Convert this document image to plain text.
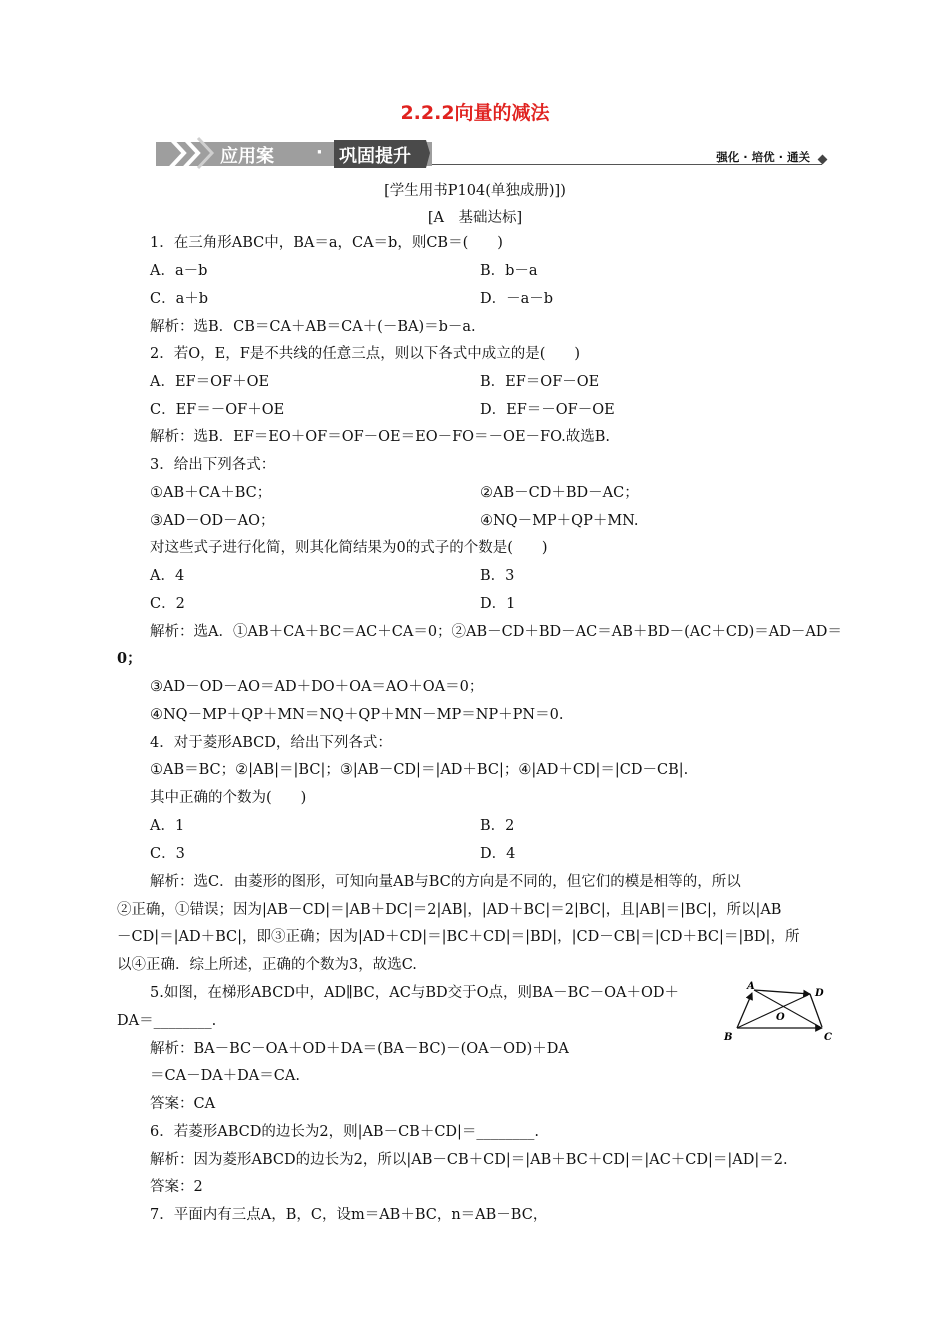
2.2.2向量的减法
应用案 · 巩固提升	强化 · 培优 · 通关
[学生用书P104(单独成册)])
[A　基础达标]
1．在三角形ABC中，BA＝a，CA＝b，则CB＝(　　)
A．a－b	B．b－a
C．a＋b	D．－a－b
解析：选B．CB＝CA＋AB＝CA＋(－BA)＝b－a.
2．若O，E，F是不共线的任意三点，则以下各式中成立的是(　　)
A．EF＝OF＋OE	B．EF＝OF－OE
C．EF＝－OF＋OE	D．EF＝－OF－OE
解析：选B．EF＝EO＋OF＝OF－OE＝EO－FO＝－OE－FO.故选B.
3．给出下列各式：
①AB＋CA＋BC；	②AB－CD＋BD－AC；
③AD－OD－AO；	④NQ－MP＋QP＋MN.
对这些式子进行化简，则其化简结果为0的式子的个数是(　　)
A．4	B．3
C．2	D．1
解析：选A．①AB＋CA＋BC＝AC＋CA＝0；②AB－CD＋BD－AC＝AB＋BD－(AC＋CD)＝AD－AD＝
0；
③AD－OD－AO＝AD＋DO＋OA＝AO＋OA＝0；
④NQ－MP＋QP＋MN＝NQ＋QP＋MN－MP＝NP＋PN＝0.
4．对于菱形ABCD，给出下列各式：
①AB＝BC；②|AB|＝|BC|；③|AB－CD|＝|AD＋BC|；④|AD＋CD|＝|CD－CB|.
其中正确的个数为(　　)
A．1	B．2
C．3	D．4
解析：选C．由菱形的图形，可知向量AB与BC的方向是不同的，但它们的模是相等的，所以
②正确，①错误；因为|AB－CD|＝|AB＋DC|＝2|AB|，|AD＋BC|＝2|BC|，且|AB|＝|BC|，所以|AB
－CD|＝|AD＋BC|，即③正确；因为|AD＋CD|＝|BC＋CD|＝|BD|，|CD－CB|＝|CD＋BC|＝|BD|，所
以④正确．综上所述，正确的个数为3，故选C.
5.如图，在梯形ABCD中，AD∥BC，AC与BD交于O点，则BA－BC－OA＋OD＋
DA＝________.
解析：BA－BC－OA＋OD＋DA＝(BA－BC)－(OA－OD)＋DA
＝CA－DA＋DA＝CA.
答案：CA
6．若菱形ABCD的边长为2，则|AB－CB＋CD|＝________.
解析：因为菱形ABCD的边长为2，所以|AB－CB＋CD|＝|AB＋BC＋CD|＝|AC＋CD|＝|AD|＝2.
答案：2
7．平面内有三点A，B，C，设m＝AB＋BC，n＝AB－BC，
A
D
O
B	C
